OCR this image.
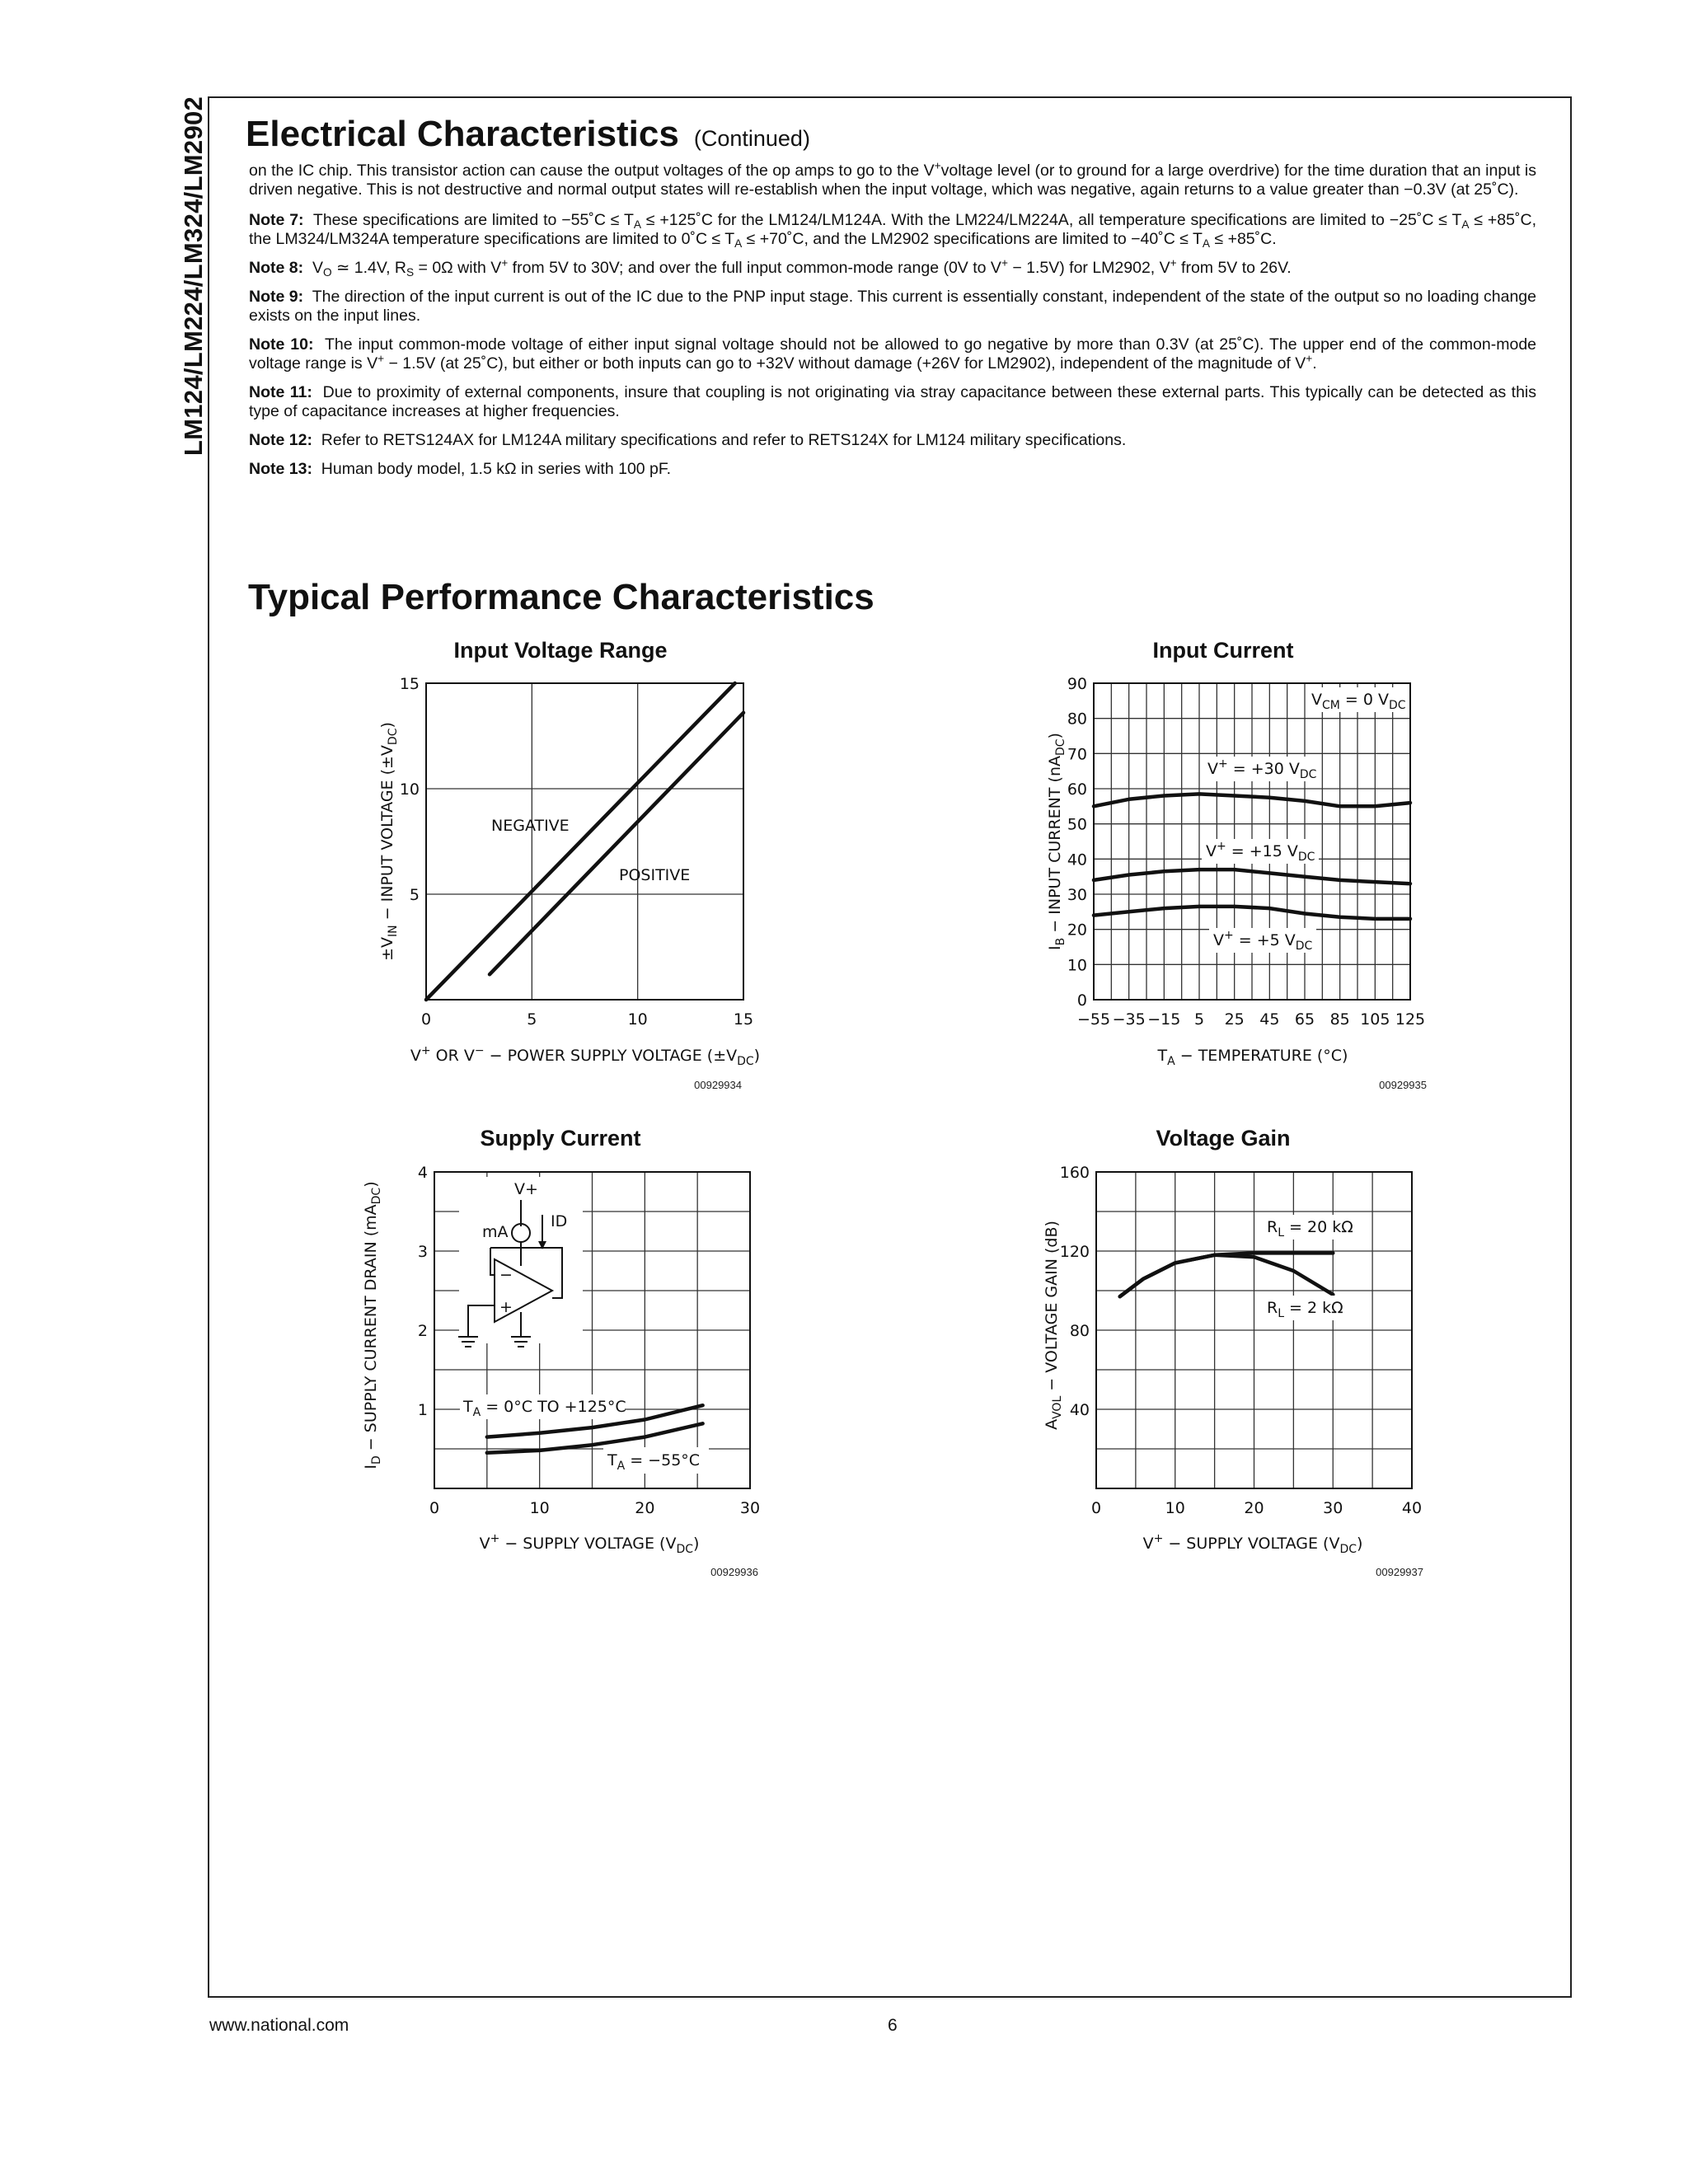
LM124/LM224/LM324/LM2902 Electrical Characteristics (Continued)

on the IC chip. This transistor action can cause the output voltages of the op amps to go to the V+voltage level (or to ground for a large overdrive) for the time duration that an input is driven negative. This is not destructive and normal output states will re-establish when the input voltage, which was negative, again returns to a value greater than −0.3V (at 25˚C).

Note 7: These specifications are limited to −55˚C ≤ $T_A$ ≤ +125˚C for the LM124/LM124A. With the LM224/LM224A, all temperature specifications are limited to −25˚C ≤ $T_A$ ≤ +85˚C, the LM324/LM324A temperature specifications are limited to 0˚C ≤ $T_A$ ≤ +70˚C, and the LM2902 specifications are limited to −40˚C ≤ $T_A$ ≤ +85˚C.

Note 8: $V_O$ ≃ 1.4V, $R_S = 0\Omega$ with V+ from 5V to 30V; and over the full input common-mode range (0V to V+ − 1.5V) for LM2902, V+ from 5V to 26V.

Note 9: The direction of the input current is out of the IC due to the PNP input stage. This current is essentially constant, independent of the state of the output so no loading change exists on the input lines.

Note 10: The input common-mode voltage of either input signal voltage should not be allowed to go negative by more than 0.3V (at 25˚C). The upper end of the common-mode voltage range is V+ − 1.5V (at 25˚C), but either or both inputs can go to +32V without damage (+26V for LM2902), independent of the magnitude of V+.

Note 11: Due to proximity of external components, insure that coupling is not originating via stray capacitance between these external parts. This typically can be detected as this type of capacitance increases at higher frequencies.

Note 12: Refer to RETS124AX for LM124A military specifications and refer to RETS124X for LM124 military specifications.

Note 13: Human body model, 1.5 kΩ in series with 100 pF.

Typical Performance Characteristics
Input Voltage Range
5
10
15
0	5	10	15
NEGATIVE
POSITIVE
$\pm V_{IN}$ − INPUT VOLTAGE $(\pm V_{DC})$
V+ OR V− − POWER SUPPLY VOLTAGE $(\pm V_{DC})$
00929934
Input Current
0
10
20
30
40
50
60
70
80
90
−55 −35 −15 5 25 45 65 85 105 125
$V_{CM} = 0$ $V_{DC}$
V+ = +30 $V_{DC}$
V+ = +15 $V_{DC}$
V+ = +5 $V_{DC}$
$I_B$ − INPUT CURRENT $(nA_{DC})$
$T_A$ − TEMPERATURE (°C)
00929935
Supply Current
1
2
3
4
0	10	20	30
V+
mA
ID
−
+
$T_A = 0^\circ C$ TO +125°C
$T_A = -55^\circ C$
$I_D$ − SUPPLY CURRENT DRAIN $(mA_{DC})$
V+ − SUPPLY VOLTAGE $(V_{DC})$
00929936
Voltage Gain
40
80
120
160
0	10	20	30	40
$R_L = 20$ kΩ
$R_L = 2$ kΩ
$A_{VOL}$ − VOLTAGE GAIN (dB)
V+ − SUPPLY VOLTAGE $(V_{DC})$
00929937
www.national.com	6
